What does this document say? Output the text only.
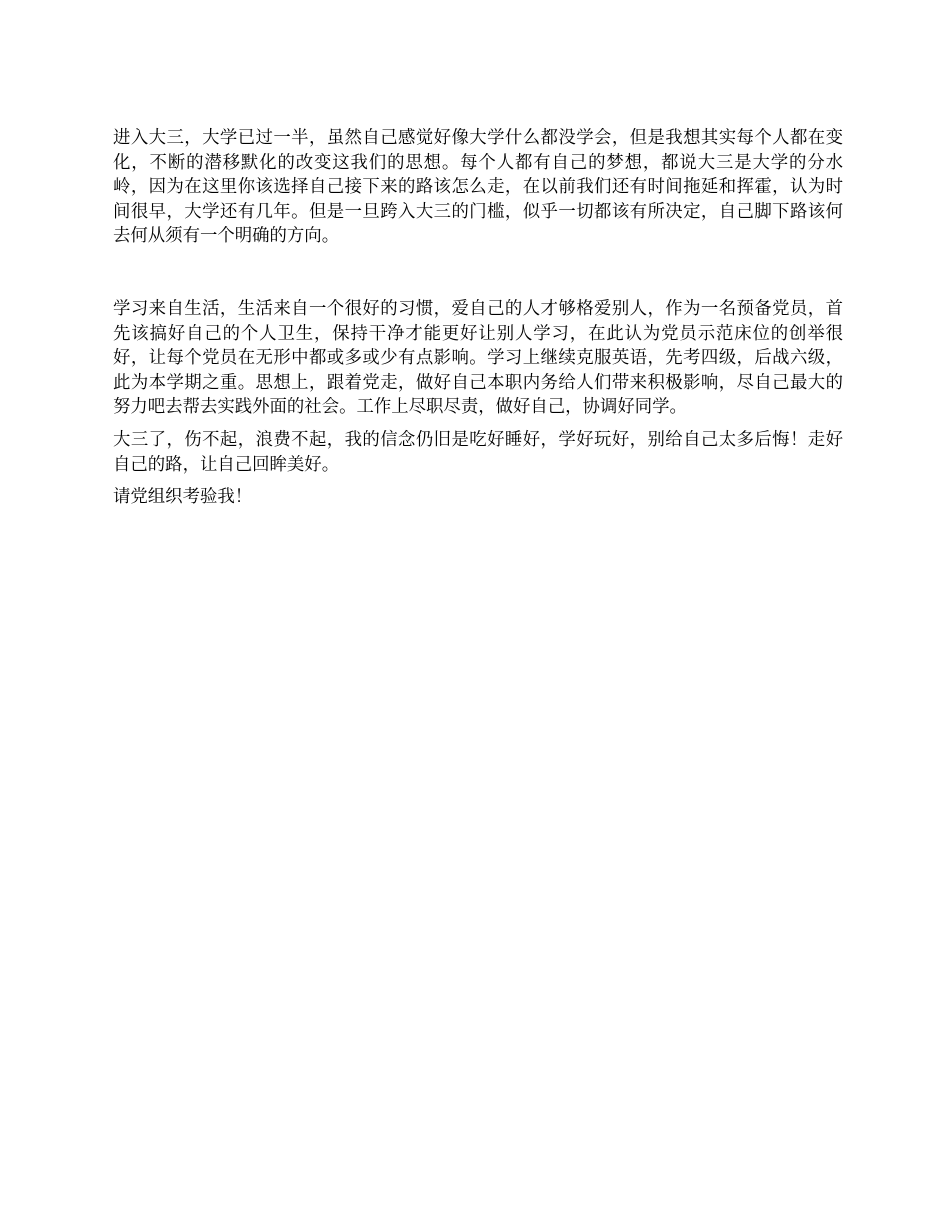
进入大三，大学已过一半，虽然自己感觉好像大学什么都没学会，但是我想其实每个人都在变化，不断的潜移默化的改变这我们的思想。每个人都有自己的梦想，都说大三是大学的分水岭，因为在这里你该选择自己接下来的路该怎么走，在以前我们还有时间拖延和挥霍，认为时间很早，大学还有几年。但是一旦跨入大三的门槛，似乎一切都该有所决定，自己脚下路该何去何从须有一个明确的方向。

学习来自生活，生活来自一个很好的习惯，爱自己的人才够格爱别人，作为一名预备党员，首先该搞好自己的个人卫生，保持干净才能更好让别人学习，在此认为党员示范床位的创举很好，让每个党员在无形中都或多或少有点影响。学习上继续克服英语，先考四级，后战六级，此为本学期之重。思想上，跟着党走，做好自己本职内务给人们带来积极影响，尽自己最大的努力吧去帮去实践外面的社会。工作上尽职尽责，做好自己，协调好同学。

大三了，伤不起，浪费不起，我的信念仍旧是吃好睡好，学好玩好，别给自己太多后悔！走好自己的路，让自己回眸美好。

请党组织考验我！
